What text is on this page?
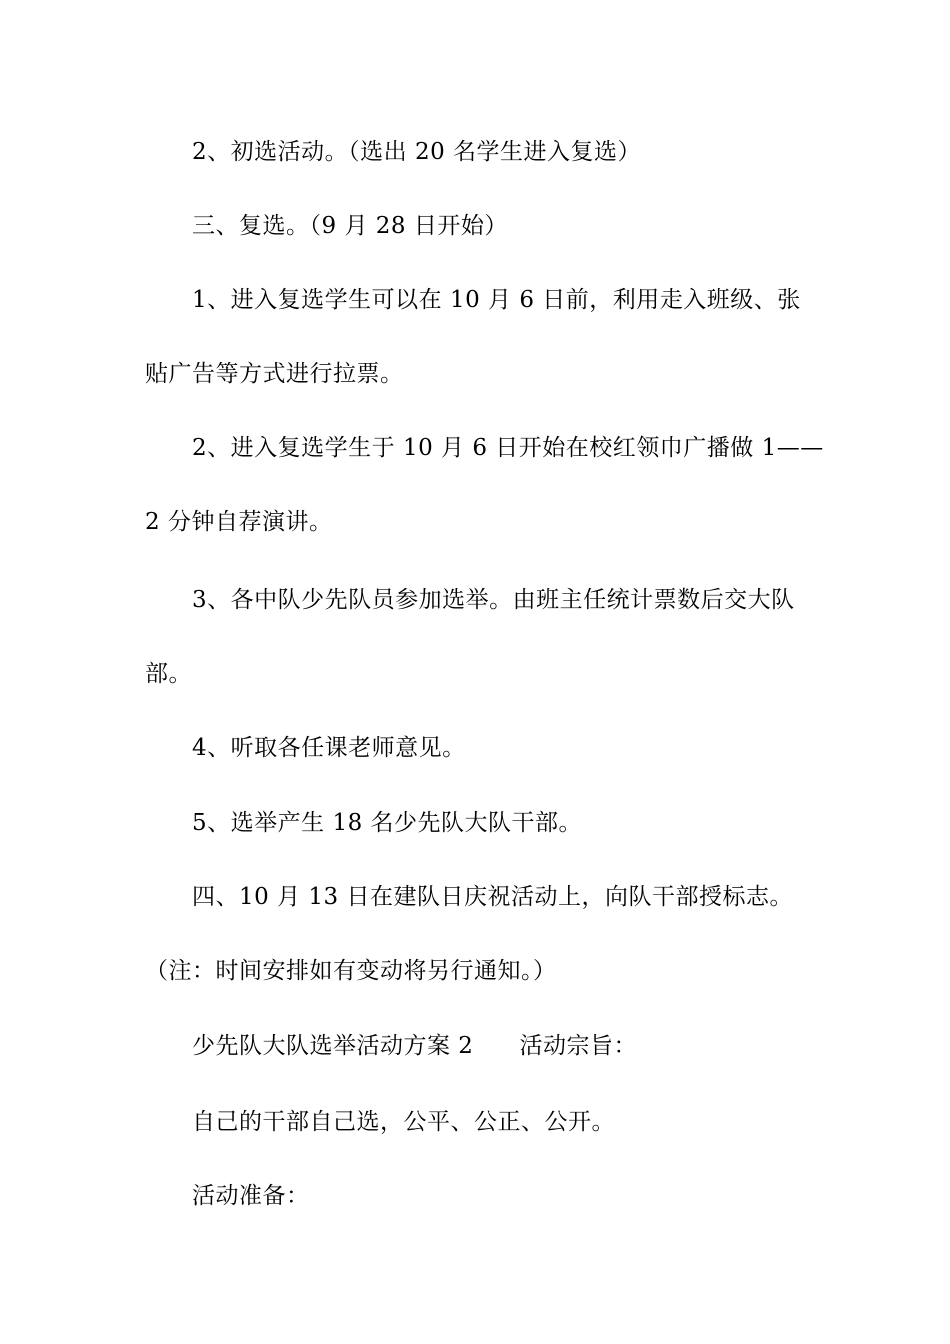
2、初选活动。（选出 20 名学生进入复选）
三、复选。（9 月 28 日开始）
1、进入复选学生可以在 10 月 6 日前，利用走入班级、张
贴广告等方式进行拉票。
2、进入复选学生于 10 月 6 日开始在校红领巾广播做 1——
2 分钟自荐演讲。
3、各中队少先队员参加选举。由班主任统计票数后交大队
部。
4、听取各任课老师意见。
5、选举产生 18 名少先队大队干部。
四、10 月 13 日在建队日庆祝活动上，向队干部授标志。
（注：时间安排如有变动将另行通知。）
少先队大队选举活动方案 2 活动宗旨：
自己的干部自己选，公平、公正、公开。
活动准备：
